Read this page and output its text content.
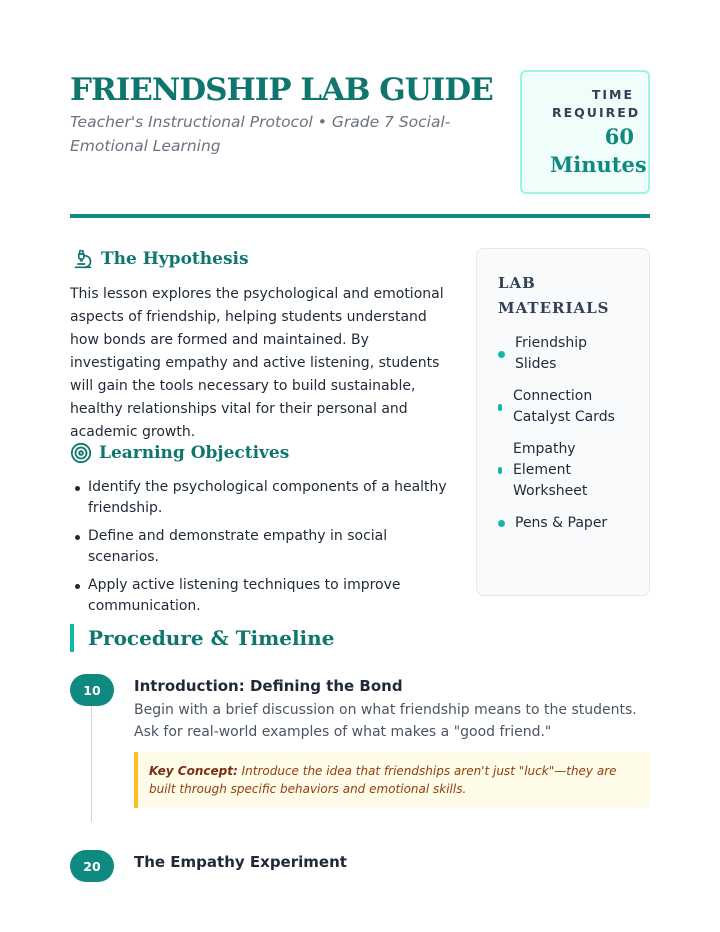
FRIENDSHIP LAB GUIDE
Teacher's Instructional Protocol • Grade 7 Social-Emotional Learning
TIME REQUIRED
60 Minutes
The Hypothesis

This lesson explores the psychological and emotional aspects of friendship, helping students understand how bonds are formed and maintained. By investigating empathy and active listening, students will gain the tools necessary to build sustainable, healthy relationships vital for their personal and academic growth.

Learning Objectives
Identify the psychological components of a healthy friendship.
Define and demonstrate empathy in social scenarios.
Apply active listening techniques to improve communication.
LAB MATERIALS
Friendship Slides
Connection Catalyst Cards
Empathy Element Worksheet
Pens & Paper
Procedure & Timeline
10	Introduction: Defining the Bond

Begin with a brief discussion on what friendship means to the students. Ask for real-world examples of what makes a "good friend."

Key Concept: Introduce the idea that friendships aren't just "luck"—they are built through specific behaviors and emotional skills.
20	The Empathy Experiment
